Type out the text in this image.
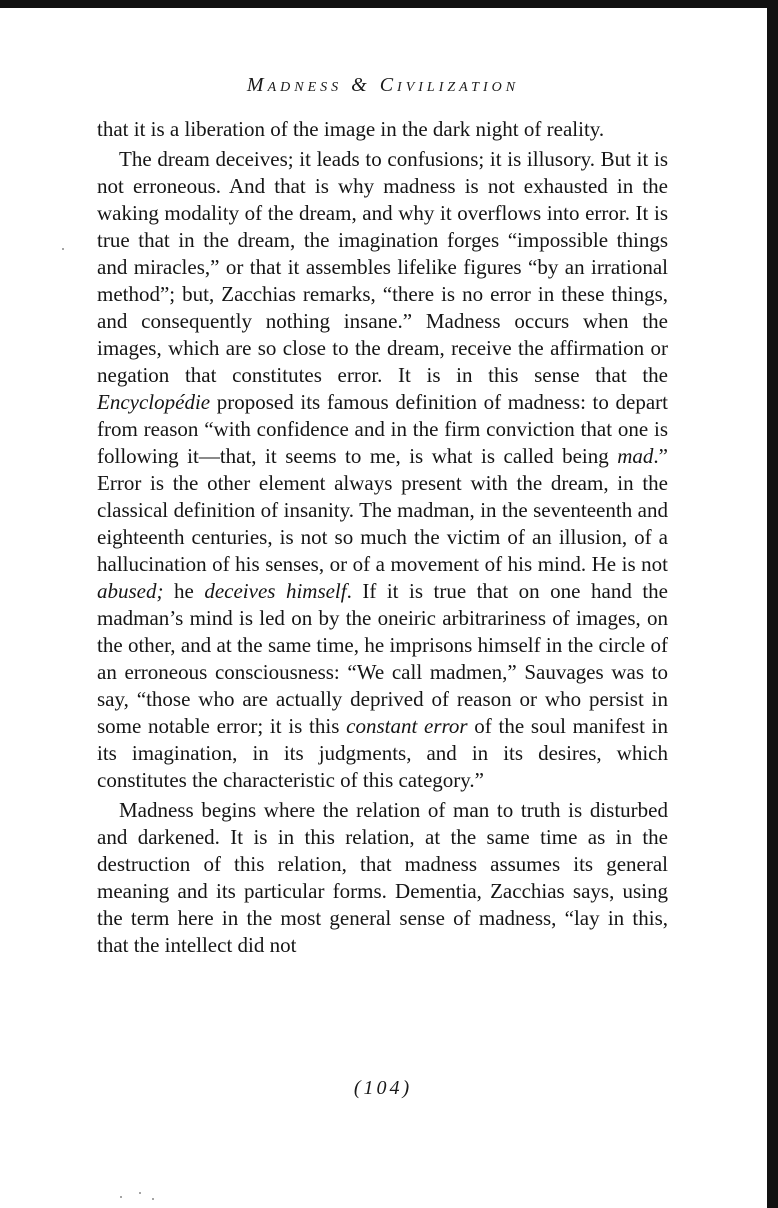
Madness & Civilization

that it is a liberation of the image in the dark night of reality.

The dream deceives; it leads to confusions; it is illusory. But it is not erroneous. And that is why madness is not exhausted in the waking modality of the dream, and why it overflows into error. It is true that in the dream, the imagination forges “impossible things and miracles,” or that it assembles lifelike figures “by an irrational method”; but, Zacchias remarks, “there is no error in these things, and consequently nothing insane.” Madness occurs when the images, which are so close to the dream, receive the affirmation or negation that constitutes error. It is in this sense that the Encyclopédie proposed its famous definition of madness: to depart from reason “with confidence and in the firm conviction that one is following it—that, it seems to me, is what is called being mad.” Error is the other element always present with the dream, in the classical definition of insanity. The madman, in the seventeenth and eighteenth centuries, is not so much the victim of an illusion, of a hallucination of his senses, or of a movement of his mind. He is not abused; he deceives himself. If it is true that on one hand the madman’s mind is led on by the oneiric arbitrariness of images, on the other, and at the same time, he imprisons himself in the circle of an erroneous consciousness: “We call madmen,” Sauvages was to say, “those who are actually deprived of reason or who persist in some notable error; it is this constant error of the soul manifest in its imagination, in its judgments, and in its desires, which constitutes the characteristic of this category.”

Madness begins where the relation of man to truth is disturbed and darkened. It is in this relation, at the same time as in the destruction of this relation, that madness assumes its general meaning and its particular forms. Dementia, Zacchias says, using the term here in the most general sense of madness, “lay in this, that the intellect did not

(104)
